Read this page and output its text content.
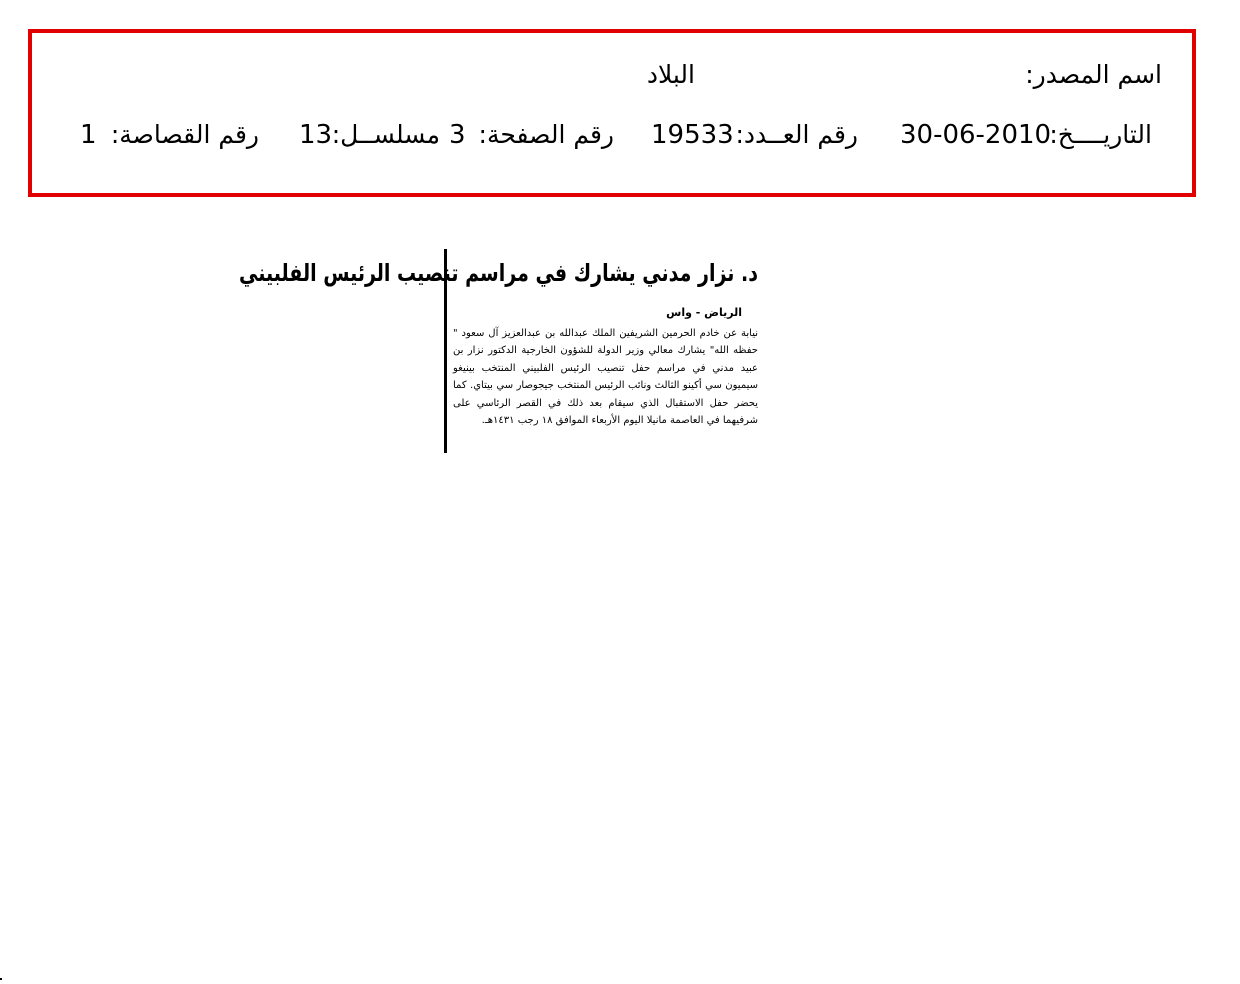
اسم المصدر:
البلاد
التاريــــخ:
30-06-2010
رقم العــدد:
19533
رقم الصفحة:
3
مسلســل:
13
رقم القصاصة:
1
د. نزار مدني يشارك في مراسم تنصيب الرئيس الفلبيني
الرياض - واس
نيابة عن خادم الحرمين الشريفين الملك عبدالله بن عبدالعزيز آل سعود " حفظه الله" يشارك معالي وزير الدولة للشؤون الخارجية الدكتور نزار بن عبيد مدني في مراسم حفل تنصيب الرئيس الفلبيني المنتخب بينيغو سيميون سي أكينو الثالث ونائب الرئيس المنتخب جيجوصار سي بيتاي. كما يحضر حفل الاستقبال الذي سيقام بعد ذلك في القصر الرئاسي على شرفيهما في العاصمة مانيلا اليوم الأربعاء الموافق ١٨ رجب ١٤٣١هـ.
